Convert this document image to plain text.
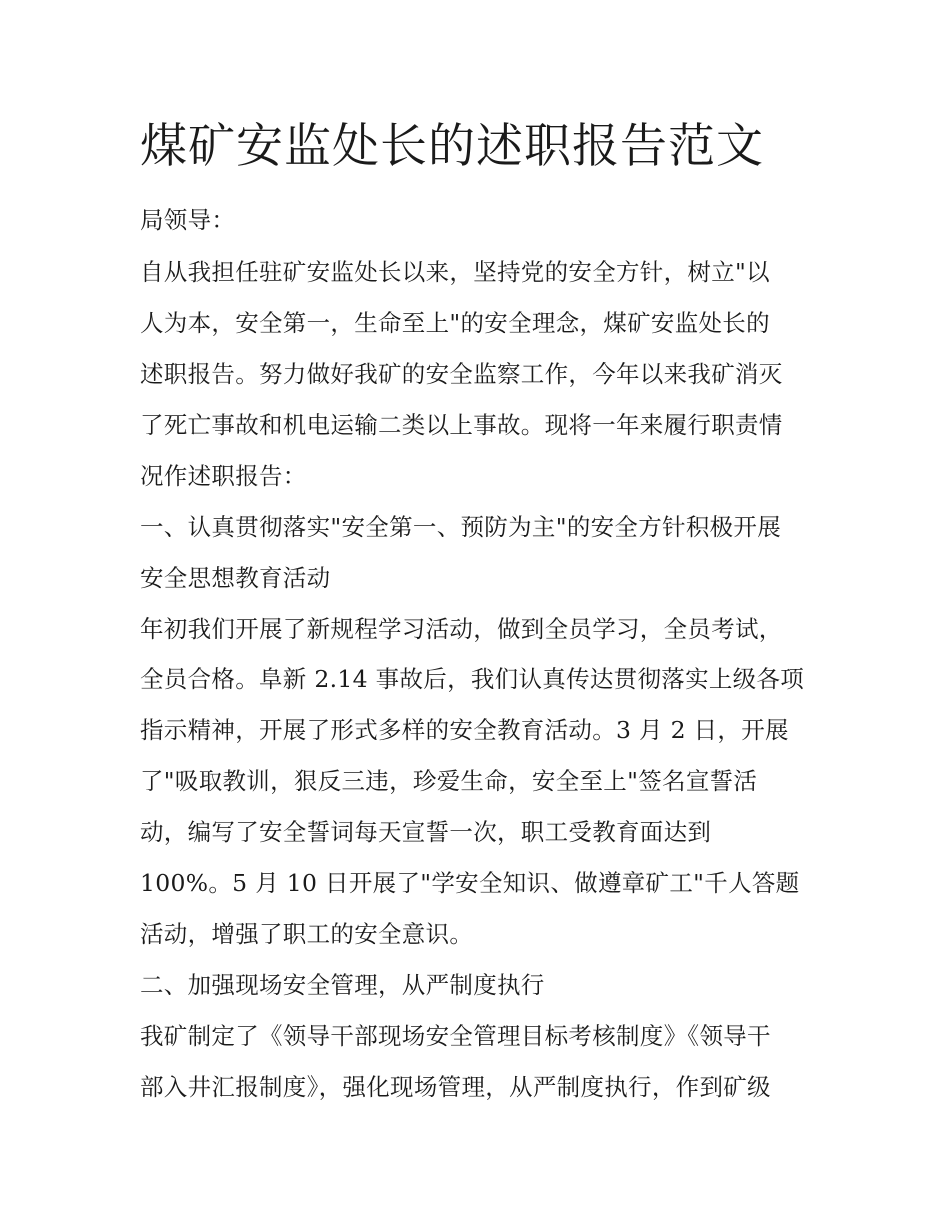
煤矿安监处长的述职报告范文
局领导：
自从我担任驻矿安监处长以来，坚持党的安全方针，树立"以
人为本，安全第一，生命至上"的安全理念，煤矿安监处长的
述职报告。努力做好我矿的安全监察工作，今年以来我矿消灭
了死亡事故和机电运输二类以上事故。现将一年来履行职责情
况作述职报告：
一、认真贯彻落实"安全第一、预防为主"的安全方针积极开展
安全思想教育活动
年初我们开展了新规程学习活动，做到全员学习，全员考试，
全员合格。阜新 2.14 事故后，我们认真传达贯彻落实上级各项
指示精神，开展了形式多样的安全教育活动。3 月 2 日，开展
了"吸取教训，狠反三违，珍爱生命，安全至上"签名宣誓活
动，编写了安全誓词每天宣誓一次，职工受教育面达到
100%。5 月 10 日开展了"学安全知识、做遵章矿工"千人答题
活动，增强了职工的安全意识。
二、加强现场安全管理，从严制度执行
我矿制定了《领导干部现场安全管理目标考核制度》《领导干
部入井汇报制度》，强化现场管理，从严制度执行，作到矿级
